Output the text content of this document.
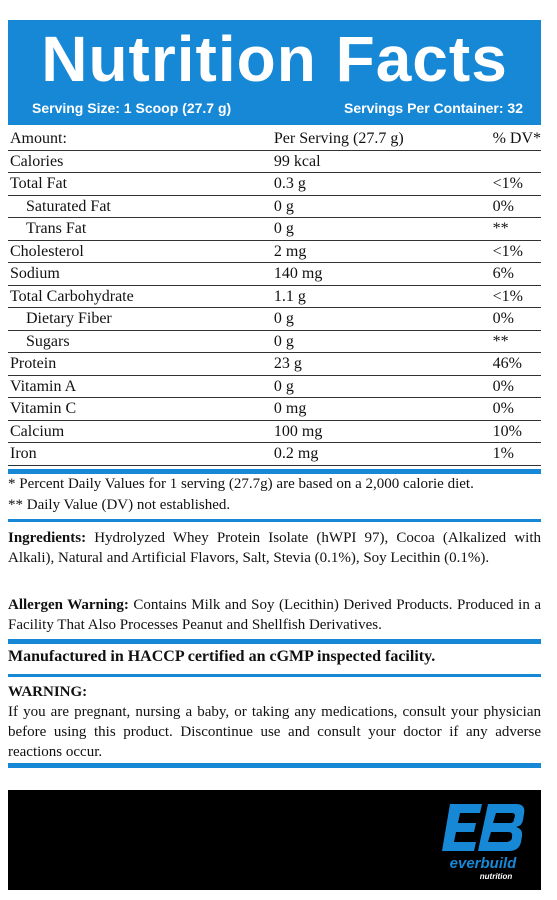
Nutrition Facts
Serving Size: 1 Scoop (27.7 g)	Servings Per Container: 32
Amount:	Per Serving (27.7 g)	% DV*
Calories	99 kcal	
Total Fat	0.3 g	<1%
Saturated Fat	0 g	0%
Trans Fat	0 g	**
Cholesterol	2 mg	<1%
Sodium	140 mg	6%
Total Carbohydrate	1.1 g	<1%
Dietary Fiber	0 g	0%
Sugars	0 g	**
Protein	23 g	46%
Vitamin A	0 g	0%
Vitamin C	0 mg	0%
Calcium	100 mg	10%
Iron	0.2 mg	1%
* Percent Daily Values for 1 serving (27.7g) are based on a 2,000 calorie diet.
** Daily Value (DV) not established.
Ingredients: Hydrolyzed Whey Protein Isolate (hWPI 97), Cocoa (Alkalized with Alkali), Natural and Artificial Flavors, Salt, Stevia (0.1%), Soy Lecithin (0.1%).
Allergen Warning: Contains Milk and Soy (Lecithin) Derived Products. Produced in a Facility That Also Processes Peanut and Shellfish Derivatives.
Manufactured in HACCP certified an cGMP inspected facility.
WARNING:
If you are pregnant, nursing a baby, or taking any medications, consult your physician before using this product. Discontinue use and consult your doctor if any adverse reactions occur.
everbuild
nutrition
